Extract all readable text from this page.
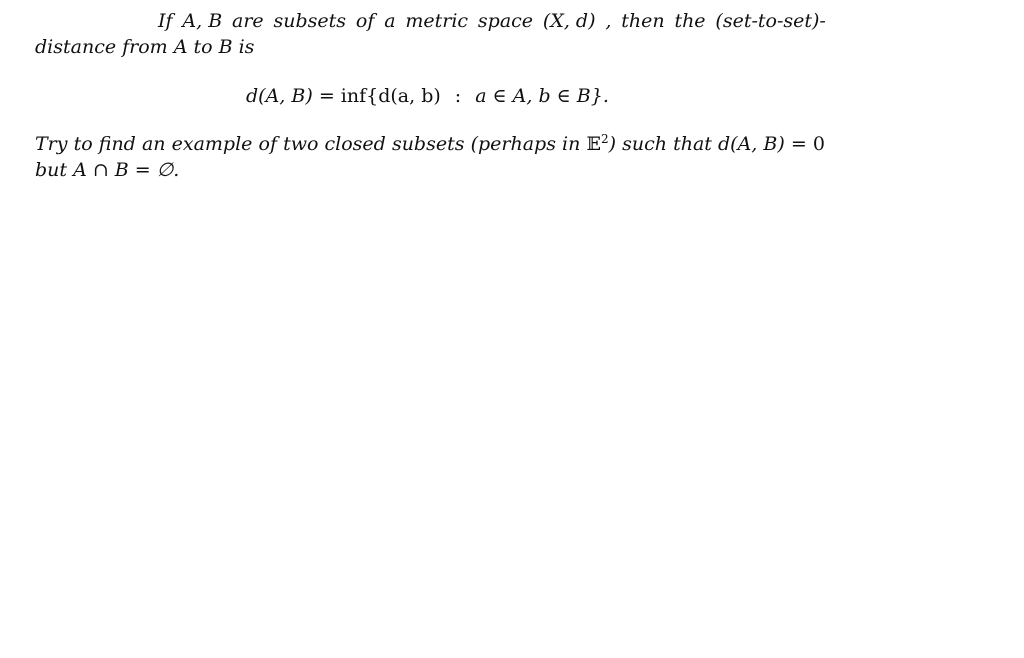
If A, B are subsets of a metric space (X, d) , then the (set-to-set)-
distance from A to B is
d(A, B) = inf{d(a, b) : a ∈ A, b ∈ B}.
Try to find an example of two closed subsets (perhaps in 𝔼$^2$) such that d(A, B) = 0
but A ∩ B = ∅.
